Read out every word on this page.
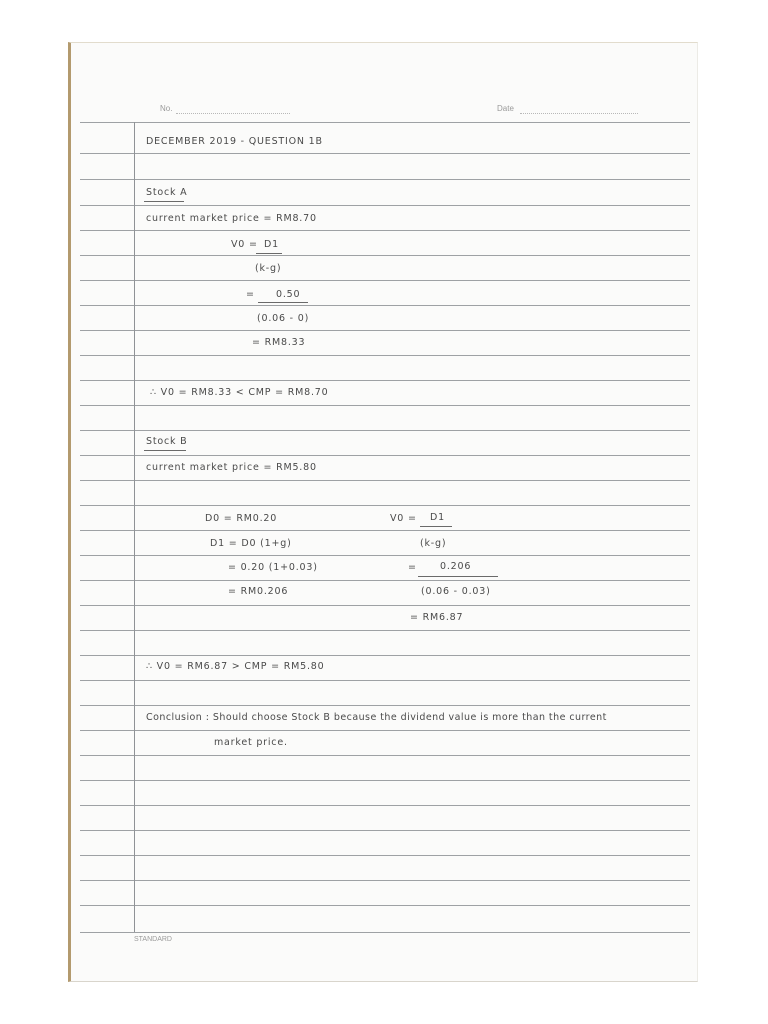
No.	Date
DECEMBER 2019 - QUESTION 1B
Stock A
current market price = RM8.70
V0 = D1
(k-g)
= 0.50
(0.06 - 0)
= RM8.33
∴ V0 = RM8.33 < CMP = RM8.70
Stock B
current market price = RM5.80
D0 = RM0.20
D1 = D0 (1+g)
= 0.20 (1+0.03)
= RM0.206
V0 = D1
(k-g)
= 0.206
(0.06 - 0.03)
= RM6.87
∴ V0 = RM6.87 > CMP = RM5.80
Conclusion : Should choose Stock B because the dividend value is more than the current
market price.
STANDARD
